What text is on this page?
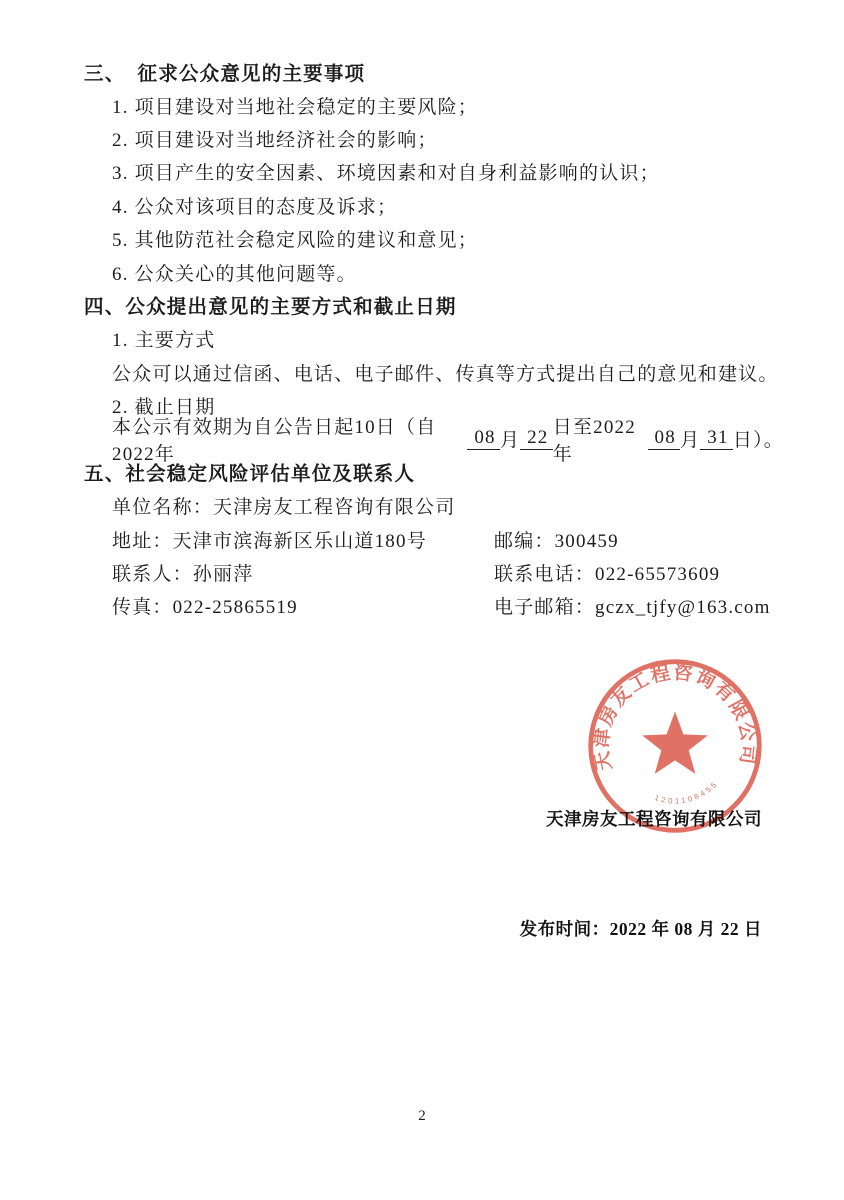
三、  征求公众意见的主要事项
1. 项目建设对当地社会稳定的主要风险；
2. 项目建设对当地经济社会的影响；
3. 项目产生的安全因素、环境因素和对自身利益影响的认识；
4. 公众对该项目的态度及诉求；
5. 其他防范社会稳定风险的建议和意见；
6. 公众关心的其他问题等。
四、公众提出意见的主要方式和截止日期
1. 主要方式
公众可以通过信函、电话、电子邮件、传真等方式提出自己的意见和建议。
2. 截止日期
本公示有效期为自公告日起10日（自2022年
08
月 22
日至2022年
08
月 31
日）。
五、社会稳定风险评估单位及联系人
单位名称：天津房友工程咨询有限公司
地址：天津市滨海新区乐山道180号	邮编：300459
联系人：孙丽萍	联系电话：022-65573609
传真：022-25865519	电子邮箱：gczx_tjfy@163.com
天津房友工程咨询有限公司
1201108455

天津房友工程咨询有限公司

发布时间：2022 年 08 月 22 日

2
